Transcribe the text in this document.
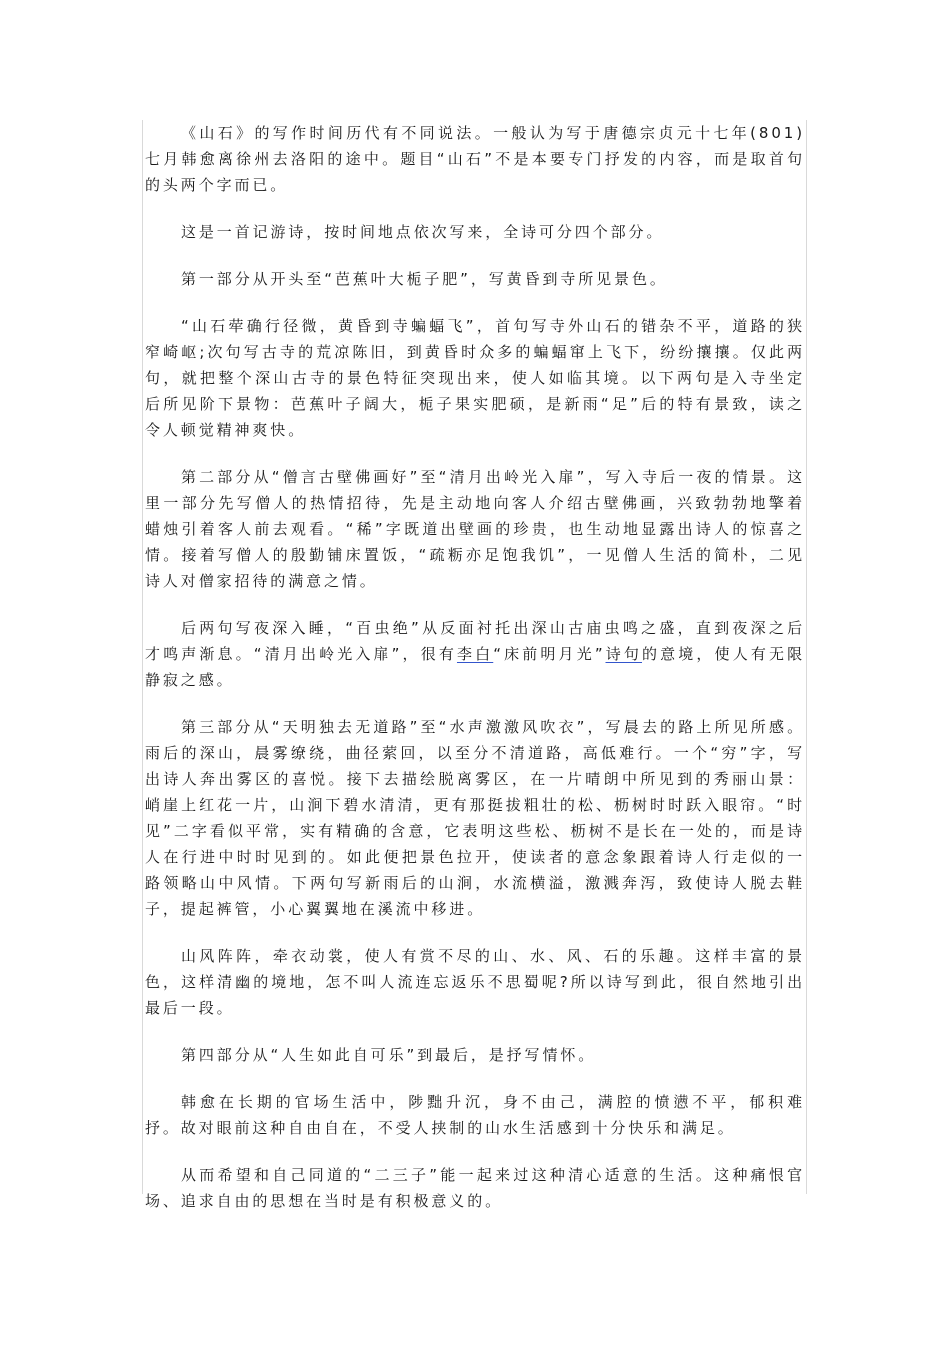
《山石》的写作时间历代有不同说法。一般认为写于唐德宗贞元十七年(801)七月韩愈离徐州去洛阳的途中。题目“山石”不是本要专门抒发的内容，而是取首句的头两个字而已。

这是一首记游诗，按时间地点依次写来，全诗可分四个部分。

第一部分从开头至“芭蕉叶大栀子肥”，写黄昏到寺所见景色。

“山石荦确行径微，黄昏到寺蝙蝠飞”，首句写寺外山石的错杂不平，道路的狭窄崎岖;次句写古寺的荒凉陈旧，到黄昏时众多的蝙蝠窜上飞下，纷纷攘攘。仅此两句，就把整个深山古寺的景色特征突现出来，使人如临其境。以下两句是入寺坐定后所见阶下景物：芭蕉叶子阔大，栀子果实肥硕，是新雨“足”后的特有景致，读之令人顿觉精神爽快。

第二部分从“僧言古壁佛画好”至“清月出岭光入扉”，写入寺后一夜的情景。这里一部分先写僧人的热情招待，先是主动地向客人介绍古壁佛画，兴致勃勃地擎着蜡烛引着客人前去观看。“稀”字既道出壁画的珍贵，也生动地显露出诗人的惊喜之情。接着写僧人的殷勤铺床置饭，“疏粝亦足饱我饥”，一见僧人生活的简朴，二见诗人对僧家招待的满意之情。

后两句写夜深入睡，“百虫绝”从反面衬托出深山古庙虫鸣之盛，直到夜深之后才鸣声渐息。“清月出岭光入扉”，很有李白“床前明月光”诗句的意境，使人有无限静寂之感。

第三部分从“天明独去无道路”至“水声激激风吹衣”，写晨去的路上所见所感。雨后的深山，晨雾缭绕，曲径萦回，以至分不清道路，高低难行。一个“穷”字，写出诗人奔出雾区的喜悦。接下去描绘脱离雾区，在一片晴朗中所见到的秀丽山景：峭崖上红花一片，山涧下碧水清清，更有那挺拔粗壮的松、枥树时时跃入眼帘。“时见”二字看似平常，实有精确的含意，它表明这些松、枥树不是长在一处的，而是诗人在行进中时时见到的。如此便把景色拉开，使读者的意念象跟着诗人行走似的一路领略山中风情。下两句写新雨后的山涧，水流横溢，激溅奔泻，致使诗人脱去鞋子，提起裤管，小心翼翼地在溪流中移进。

山风阵阵，牵衣动裳，使人有赏不尽的山、水、风、石的乐趣。这样丰富的景色，这样清幽的境地，怎不叫人流连忘返乐不思蜀呢?所以诗写到此，很自然地引出最后一段。

第四部分从“人生如此自可乐”到最后，是抒写情怀。

韩愈在长期的官场生活中，陟黜升沉，身不由己，满腔的愤懑不平，郁积难抒。故对眼前这种自由自在，不受人挟制的山水生活感到十分快乐和满足。

从而希望和自己同道的“二三子”能一起来过这种清心适意的生活。这种痛恨官场、追求自由的思想在当时是有积极意义的。
